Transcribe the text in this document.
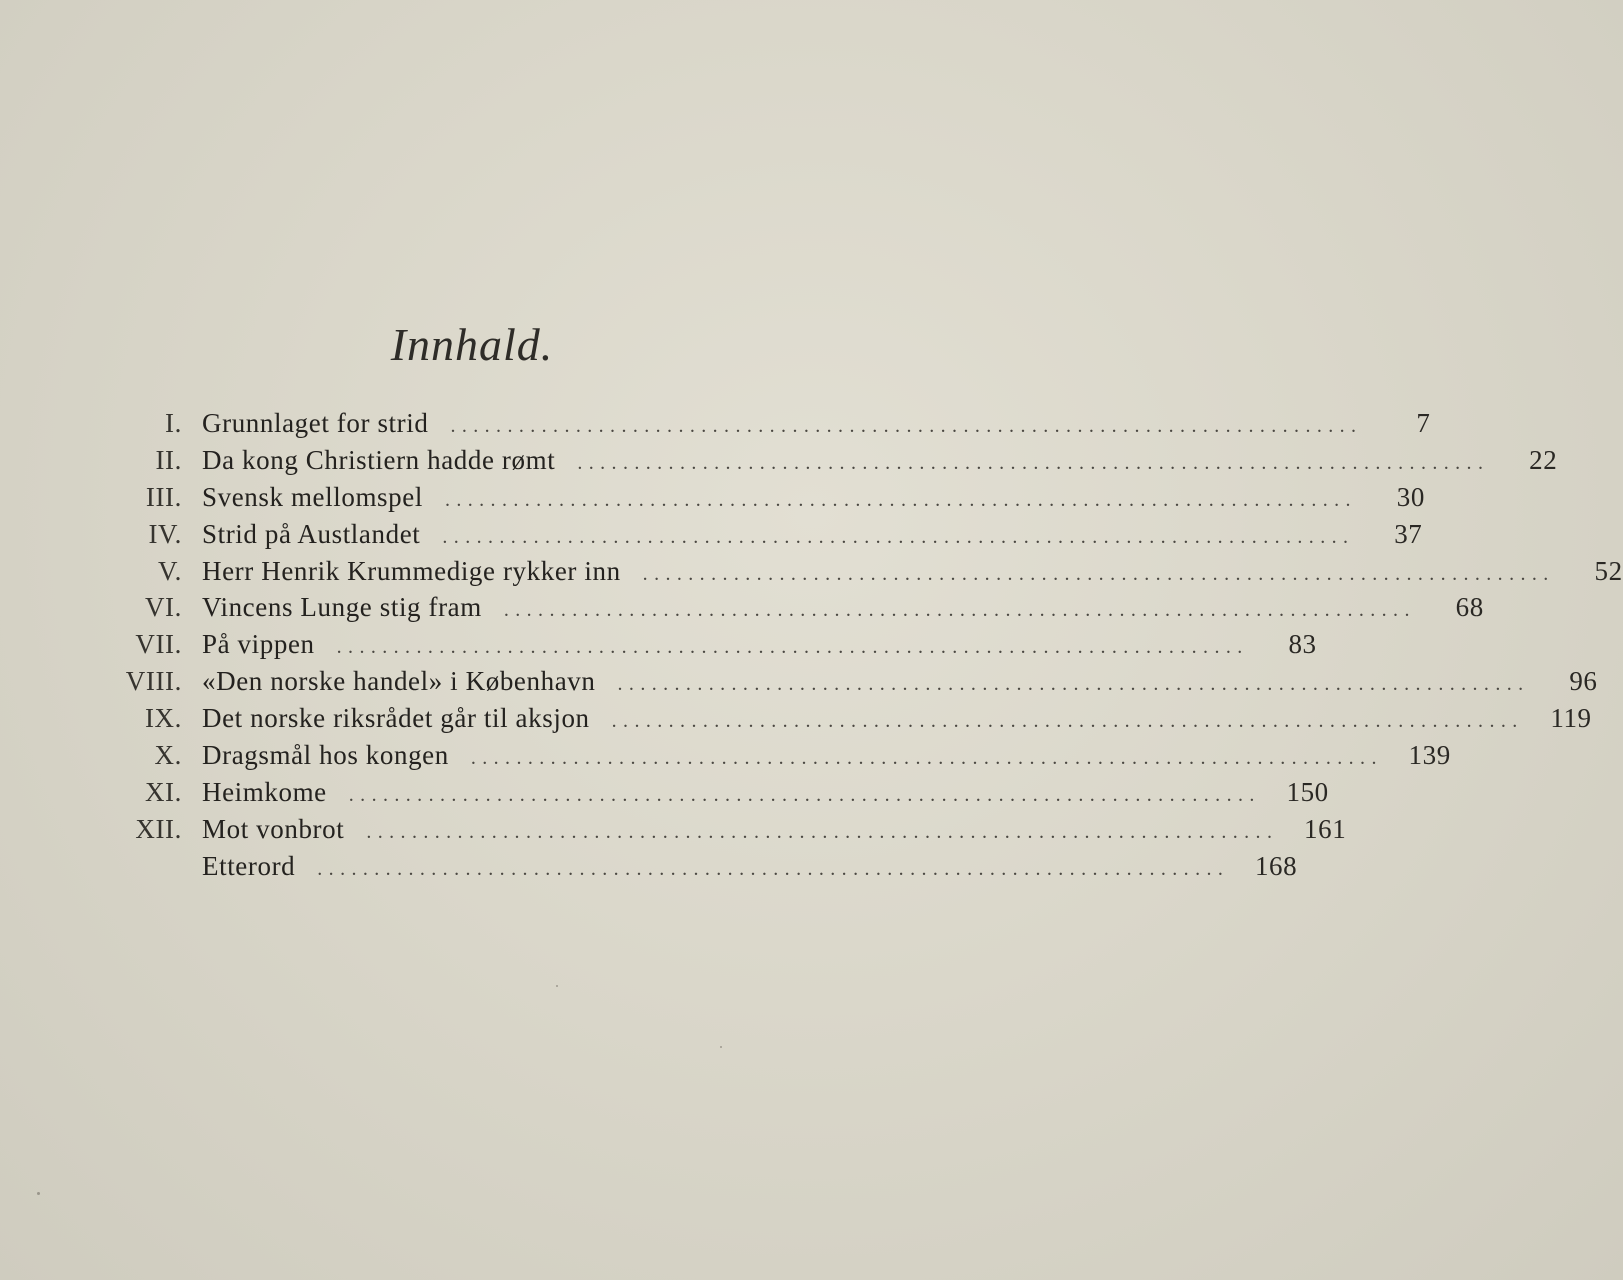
Innhald.
I. Grunnlaget for strid ................................................................................	7
II. Da kong Christiern hadde rømt ................................................................................	22
III. Svensk mellomspel ................................................................................	30
IV. Strid på Austlandet ................................................................................	37
V. Herr Henrik Krummedige rykker inn ................................................................................	52
VI. Vincens Lunge stig fram ................................................................................	68
VII. På vippen ................................................................................	83
VIII. «Den norske handel» i København ................................................................................	96
IX. Det norske riksrådet går til aksjon ................................................................................ 119
X. Dragsmål hos kongen ................................................................................ 139
XI. Heimkome ................................................................................ 150
XII. Mot vonbrot ................................................................................ 161
Etterord ................................................................................ 168
